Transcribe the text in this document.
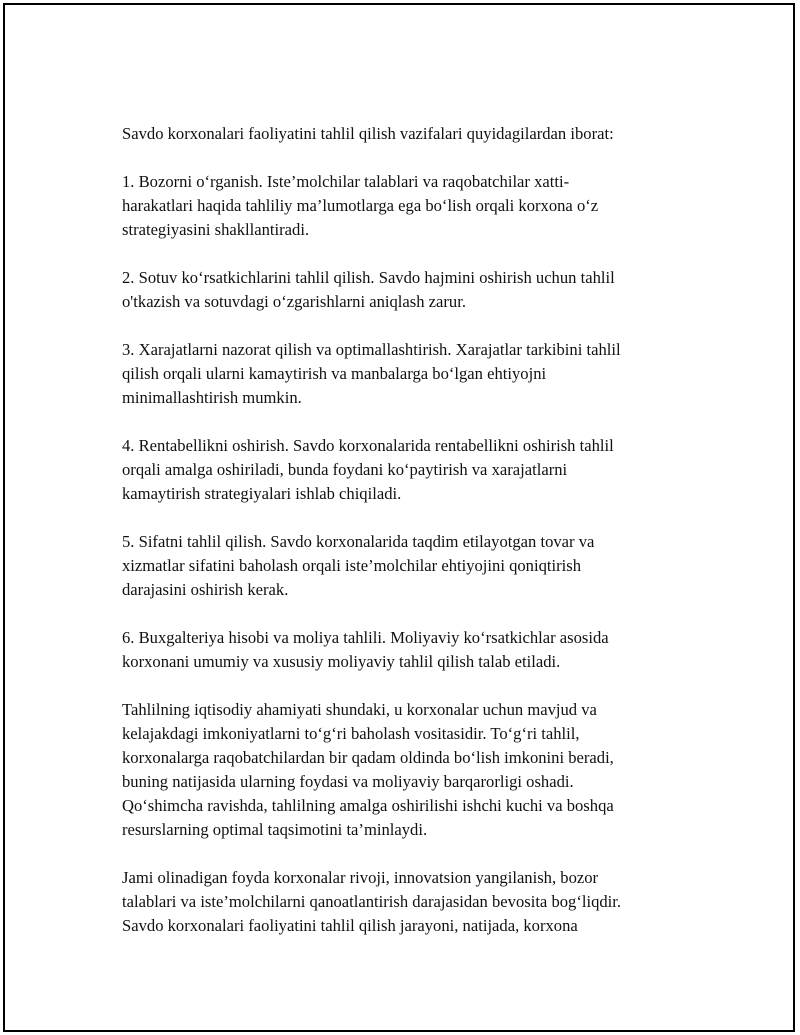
Savdo korxonalari faoliyatini tahlil qilish vazifalari quyidagilardan iborat:

1. Bozorni o‘rganish. Iste’molchilar talablari va raqobatchilar xatti-
harakatlari haqida tahliliy ma’lumotlarga ega bo‘lish orqali korxona o‘z
strategiyasini shakllantiradi.

2. Sotuv ko‘rsatkichlarini tahlil qilish. Savdo hajmini oshirish uchun tahlil
o'tkazish va sotuvdagi o‘zgarishlarni aniqlash zarur.

3. Xarajatlarni nazorat qilish va optimallashtirish. Xarajatlar tarkibini tahlil
qilish orqali ularni kamaytirish va manbalarga bo‘lgan ehtiyojni
minimallashtirish mumkin.

4. Rentabellikni oshirish. Savdo korxonalarida rentabellikni oshirish tahlil
orqali amalga oshiriladi, bunda foydani ko‘paytirish va xarajatlarni
kamaytirish strategiyalari ishlab chiqiladi.

5. Sifatni tahlil qilish. Savdo korxonalarida taqdim etilayotgan tovar va
xizmatlar sifatini baholash orqali iste’molchilar ehtiyojini qoniqtirish
darajasini oshirish kerak.

6. Buxgalteriya hisobi va moliya tahlili. Moliyaviy ko‘rsatkichlar asosida
korxonani umumiy va xususiy moliyaviy tahlil qilish talab etiladi.

Tahlilning iqtisodiy ahamiyati shundaki, u korxonalar uchun mavjud va
kelajakdagi imkoniyatlarni to‘g‘ri baholash vositasidir. To‘g‘ri tahlil,
korxonalarga raqobatchilardan bir qadam oldinda bo‘lish imkonini beradi,
buning natijasida ularning foydasi va moliyaviy barqarorligi oshadi.
Qo‘shimcha ravishda, tahlilning amalga oshirilishi ishchi kuchi va boshqa
resurslarning optimal taqsimotini ta’minlaydi.

Jami olinadigan foyda korxonalar rivoji, innovatsion yangilanish, bozor
talablari va iste’molchilarni qanoatlantirish darajasidan bevosita bog‘liqdir.
Savdo korxonalari faoliyatini tahlil qilish jarayoni, natijada, korxona
